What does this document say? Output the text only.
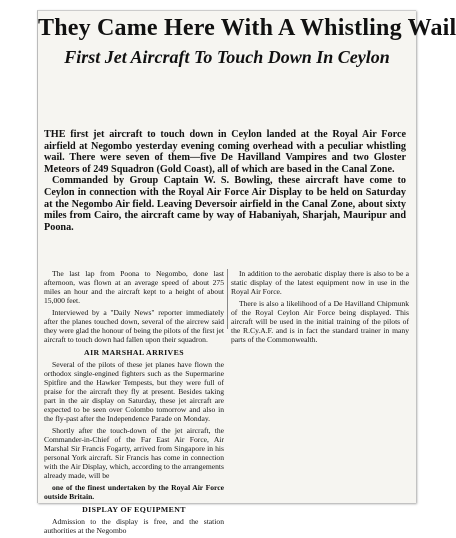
They Came Here With A Whistling Wail
First Jet Aircraft To Touch Down In Ceylon

THE first jet aircraft to touch down in Ceylon landed at the Royal Air Force airfield at Negombo yesterday evening coming overhead with a peculiar whistling wail. There were seven of them—five De Havilland Vampires and two Gloster Meteors of 249 Squadron (Gold Coast), all of which are based in the Canal Zone.

Commanded by Group Captain W. S. Bowling, these aircraft have come to Ceylon in connection with the Royal Air Force Air Display to be held on Saturday at the Negombo Air field. Leaving Deversoir airfield in the Canal Zone, about sixty miles from Cairo, the aircraft came by way of Habaniyah, Sharjah, Mauripur and Poona.

The last lap from Poona to Negombo, done last afternoon, was flown at an average speed of about 275 miles an hour and the aircraft kept to a height of about 15,000 feet.

Interviewed by a "Daily News" reporter immediately after the planes touched down, several of the aircrew said they were glad the honour of being the pilots of the first jet aircraft to touch down had fallen upon their squadron.

AIR MARSHAL ARRIVES

Several of the pilots of these jet planes have flown the orthodox single-engined fighters such as the Supermarine Spitfire and the Hawker Tempests, but they were full of praise for the aircraft they fly at present. Besides taking part in the air display on Saturday, these jet aircraft are expected to be seen over Colombo tomorrow and also in the fly-past after the Independence Parade on Monday.

Shortly after the touch-down of the jet aircraft, the Commander-in-Chief of the Far East Air Force, Air Marshal Sir Francis Fogarty, arrived from Singapore in his personal York aircraft. Sir Francis has come in connection with the Air Display, which, according to the arrangements already made, will be

one of the finest undertaken by the Royal Air Force outside Britain.

DISPLAY OF EQUIPMENT

Admission to the display is free, and the station authorities at the Negombo

In addition to the aerobatic display there is also to be a static display of the latest equipment now in use in the Royal Air Force.

There is also a likelihood of a De Havilland Chipmunk of the Royal Ceylon Air Force being displayed. This aircraft will be used in the initial training of the pilots of the R.Cy.A.F. and is in fact the standard trainer in many parts of the Commonwealth.
